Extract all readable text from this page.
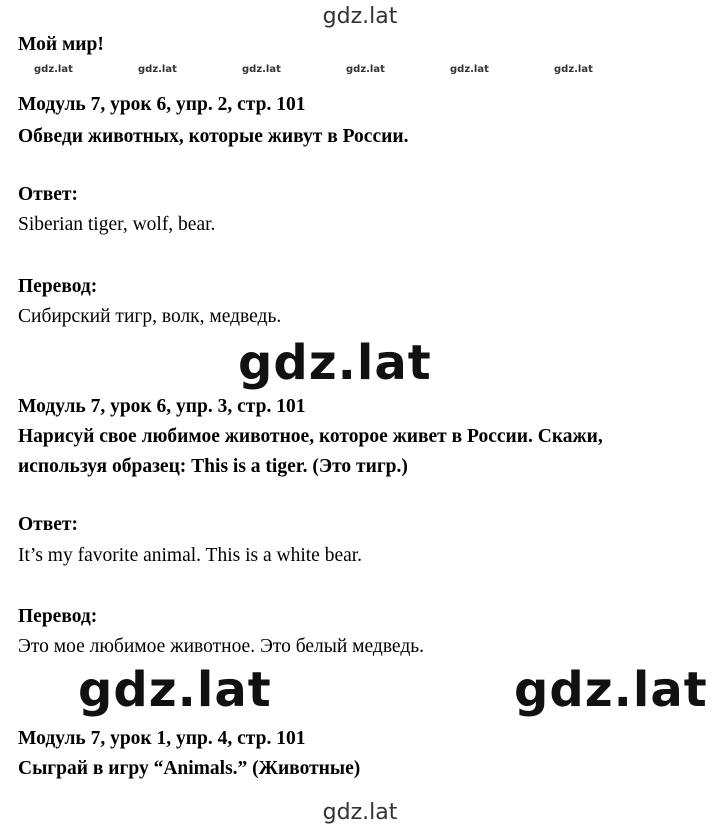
gdz.lat
gdz.lat	gdz.lat	gdz.lat	gdz.lat	gdz.lat	gdz.lat
Мой мир!
Модуль 7, урок 6, упр. 2, стр. 101
Обведи животных, которые живут в России.
Ответ:
Siberian tiger, wolf, bear.
Перевод:
Сибирский тигр, волк, медведь.
gdz.lat
Модуль 7, урок 6, упр. 3, стр. 101
Нарисуй свое любимое животное, которое живет в России. Скажи,
используя образец: This is a tiger. (Это тигр.)
Ответ:
It’s my favorite animal. This is a white bear.
Перевод:
Это мое любимое животное. Это белый медведь.
gdz.lat	gdz.lat
Модуль 7, урок 1, упр. 4, стр. 101
Сыграй в игру “Animals.” (Животные)
gdz.lat
